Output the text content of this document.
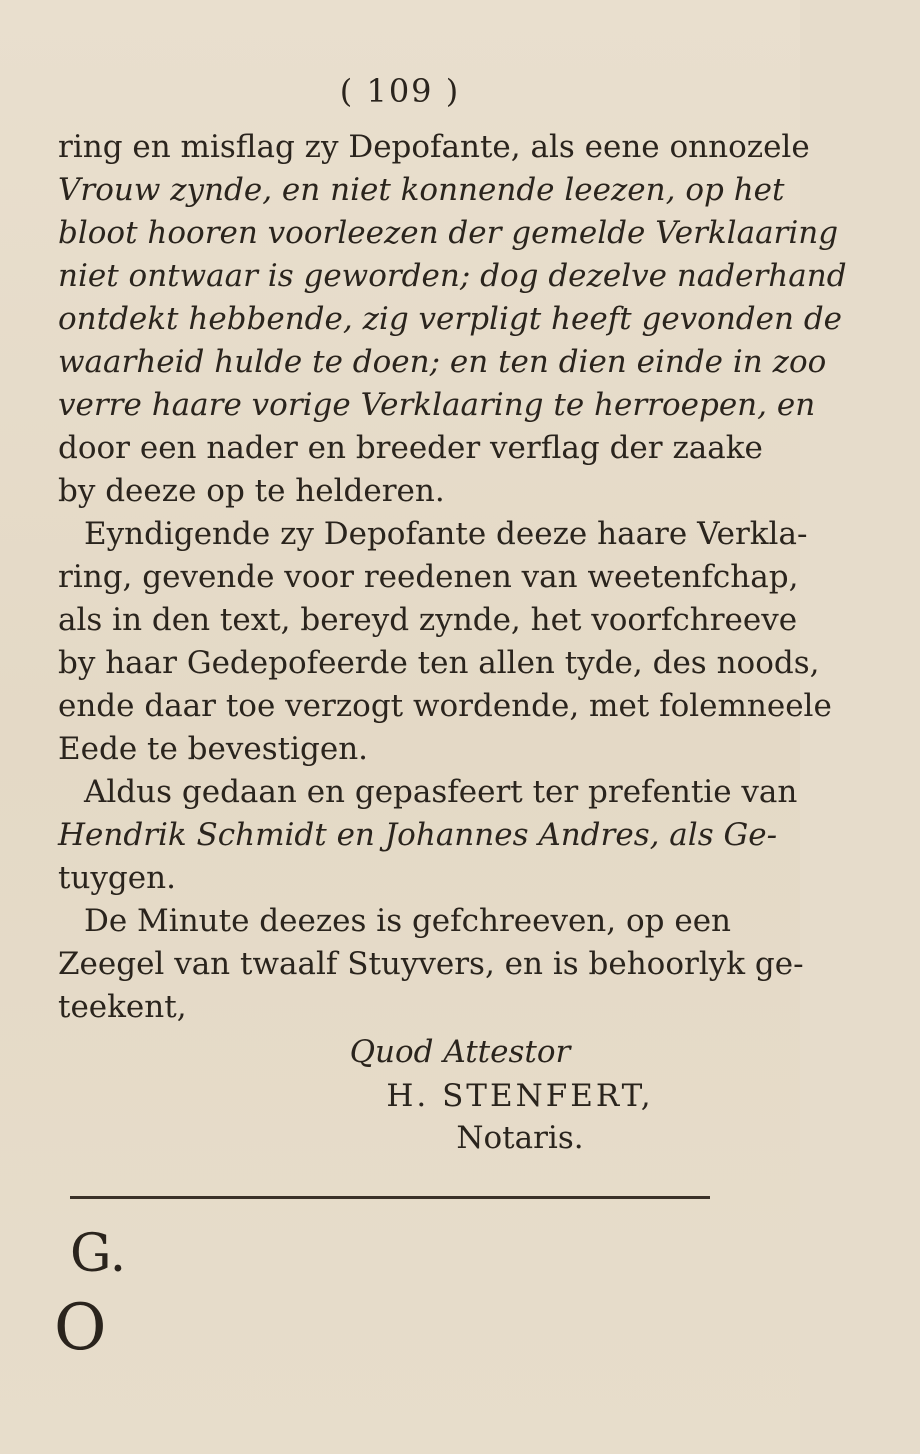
( 109 )
ring en misflag zy Depofante, als eene onnozele
Vrouw zynde, en niet konnende leezen, op het
bloot hooren voorleezen der gemelde Verklaaring
niet ontwaar is geworden; dog dezelve naderhand
ontdekt hebbende, zig verpligt heeft gevonden de
waarheid hulde te doen; en ten dien einde in zoo
verre haare vorige Verklaaring te herroepen, en
door een nader en breeder verflag der zaake
by deeze op te helderen.
Eyndigende zy Depofante deeze haare Verkla-
ring, gevende voor reedenen van weetenfchap,
als in den text, bereyd zynde, het voorfchreeve
by haar Gedepofeerde ten allen tyde, des noods,
ende daar toe verzogt wordende, met folemneele
Eede te bevestigen.
Aldus gedaan en gepasfeert ter prefentie van
Hendrik Schmidt en Johannes Andres, als Ge-
tuygen.
De Minute deezes is gefchreeven, op een
Zeegel van twaalf Stuyvers, en is behoorlyk ge-
teekent,
Quod Attestor
H. STENFERT,
Notaris.
G.
O
